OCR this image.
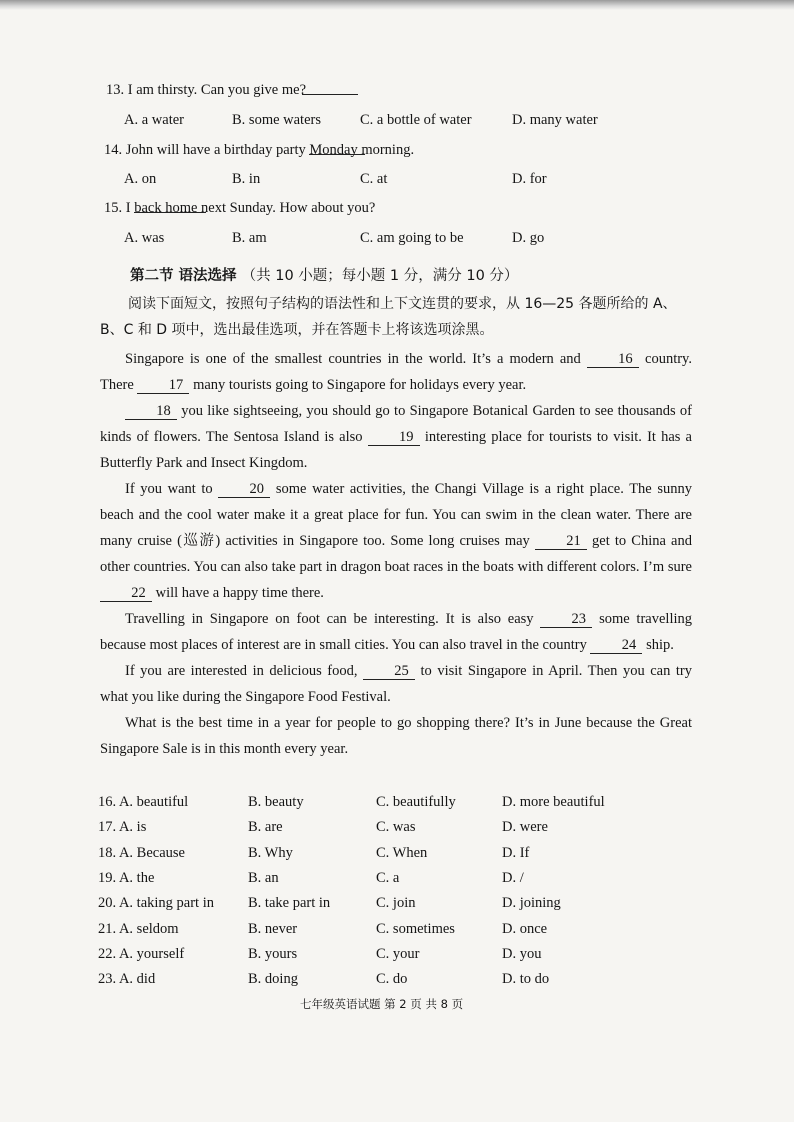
13. I am thirsty. Can you give me
?
A. a water	B. some waters	C. a bottle of water	D. many water
14. John will have a birthday party Monday morning.
A. on	B. in	C. at	D. for
15. I back home next Sunday. How about you?
A. was	B. am	C. am going to be	D. go
第二节 语法选择 （共 10 小题；每小题 1 分，满分 10 分）
阅读下面短文，按照句子结构的语法性和上下文连贯的要求，从 16—25 各题所给的 A、B、C 和 D 项中，选出最佳选项，并在答题卡上将该选项涂黑。

Singapore is one of the smallest countries in the world. It’s a modern and 16 country. There 17 many tourists going to Singapore for holidays every year.

18 you like sightseeing, you should go to Singapore Botanical Garden to see thousands of kinds of flowers. The Sentosa Island is also 19 interesting place for tourists to visit. It has a Butterfly Park and Insect Kingdom.

If you want to 20 some water activities, the Changi Village is a right place. The sunny beach and the cool water make it a great place for fun. You can swim in the clean water. There are many cruise (巡游) activities in Singapore too. Some long cruises may 21 get to China and other countries. You can also take part in dragon boat races in the boats with different colors. I’m sure 22 will have a happy time there.

Travelling in Singapore on foot can be interesting. It is also easy 23 some travelling because most places of interest are in small cities. You can also travel in the country 24 ship.

If you are interested in delicious food, 25 to visit Singapore in April. Then you can try what you like during the Singapore Food Festival.

What is the best time in a year for people to go shopping there? It’s in June because the Great Singapore Sale is in this month every year.

16. A. beautiful	B. beauty	C. beautifully	D. more beautiful
17. A. is	B. are	C. was	D. were
18. A. Because	B. Why	C. When	D. If
19. A. the	B. an	C. a	D. /
20. A. taking part in B. take part in	C. join	D. joining
21. A. seldom	B. never	C. sometimes	D. once
22. A. yourself	B. yours	C. your	D. you
23. A. did	B. doing	C. do	D. to do
七年级英语试题 第 2 页 共 8 页
